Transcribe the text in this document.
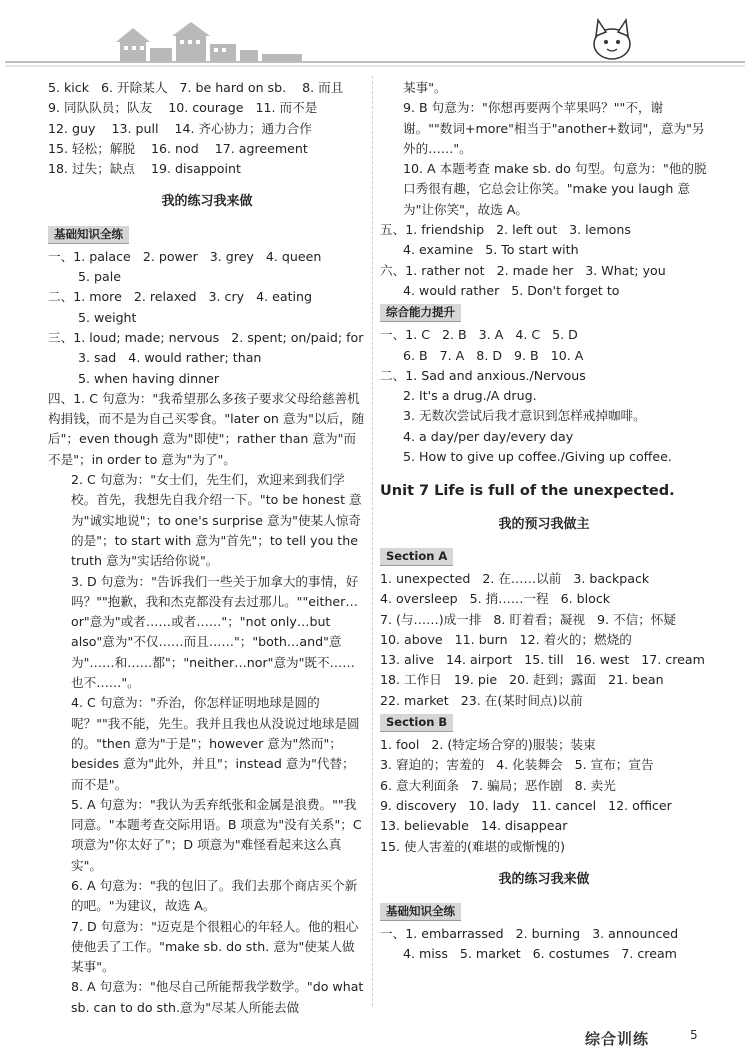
5. kick   6. 开除某人   7. be hard on sb.    8. 而且
9. 同队队员；队友    10. courage   11. 而不是
12. guy    13. pull    14. 齐心协力；通力合作
15. 轻松；解脱    16. nod    17. agreement
18. 过失；缺点    19. disappoint
我的练习我来做
基础知识全练
一、1. palace   2. power   3. grey   4. queen
5. pale
二、1. more   2. relaxed   3. cry   4. eating
5. weight
三、1. loud; made; nervous   2. spent; on/paid; for
3. sad   4. would rather; than
5. when having dinner
四、1. C 句意为："我希望那么多孩子要求父母给慈善机构捐钱，而不是为自己买零食。"later on 意为"以后，随后"；even though 意为"即使"；rather than 意为"而不是"；in order to 意为"为了"。
2. C 句意为："女士们，先生们，欢迎来到我们学校。首先，我想先自我介绍一下。"to be honest 意为"诚实地说"；to one's surprise 意为"使某人惊奇的是"；to start with 意为"首先"；to tell you the truth 意为"实话给你说"。
3. D 句意为："告诉我们一些关于加拿大的事情，好吗？""抱歉，我和杰克都没有去过那儿。""either…or"意为"或者……或者……"；"not only…but also"意为"不仅……而且……"；"both…and"意为"……和……都"；"neither…nor"意为"既不……也不……"。
4. C 句意为："乔治，你怎样证明地球是圆的呢？""我不能，先生。我并且我也从没说过地球是圆的。"then 意为"于是"；however 意为"然而"；besides 意为"此外，并且"；instead 意为"代替；而不是"。
5. A 句意为："我认为丢弃纸张和金属是浪费。""我同意。"本题考查交际用语。B 项意为"没有关系"；C 项意为"你太好了"；D 项意为"难怪看起来这么真实"。
6. A 句意为："我的包旧了。我们去那个商店买个新的吧。"为建议，故选 A。
7. D 句意为："迈克是个很粗心的年轻人。他的粗心使他丢了工作。"make sb. do sth. 意为"使某人做某事"。
8. A 句意为："他尽自己所能帮我学数学。"do what sb. can to do sth.意为"尽某人所能去做
某事"。
9. B 句意为："你想再要两个苹果吗？""不，谢谢。""数词+more"相当于"another+数词"，意为"另外的……"。
10. A 本题考查 make sb. do 句型。句意为："他的脱口秀很有趣，它总会让你笑。"make you laugh 意为"让你笑"，故选 A。
五、1. friendship   2. left out   3. lemons
4. examine   5. To start with
六、1. rather not   2. made her   3. What; you
4. would rather   5. Don't forget to
综合能力提升
一、1. C   2. B   3. A   4. C   5. D
6. B   7. A   8. D   9. B   10. A
二、1. Sad and anxious./Nervous
2. It's a drug./A drug.
3. 无数次尝试后我才意识到怎样戒掉咖啡。
4. a day/per day/every day
5. How to give up coffee./Giving up coffee.
Unit 7 Life is full of the unexpected.
我的预习我做主
Section A
1. unexpected   2. 在……以前   3. backpack
4. oversleep   5. 捎……一程   6. block
7. (与……)成一排   8. 盯着看；凝视   9. 不信；怀疑
10. above   11. burn   12. 着火的；燃烧的
13. alive   14. airport   15. till   16. west   17. cream
18. 工作日   19. pie   20. 赶到；露面   21. bean
22. market   23. 在(某时间点)以前
Section B
1. fool   2. (特定场合穿的)服装；装束
3. 窘迫的；害羞的   4. 化装舞会   5. 宣布；宣告
6. 意大利面条   7. 骗局；恶作剧   8. 卖光
9. discovery   10. lady   11. cancel   12. officer
13. believable   14. disappear
15. 使人害羞的(难堪的或惭愧的)
我的练习我来做
基础知识全练
一、1. embarrassed   2. burning   3. announced
4. miss   5. market   6. costumes   7. cream
综合训练	5
